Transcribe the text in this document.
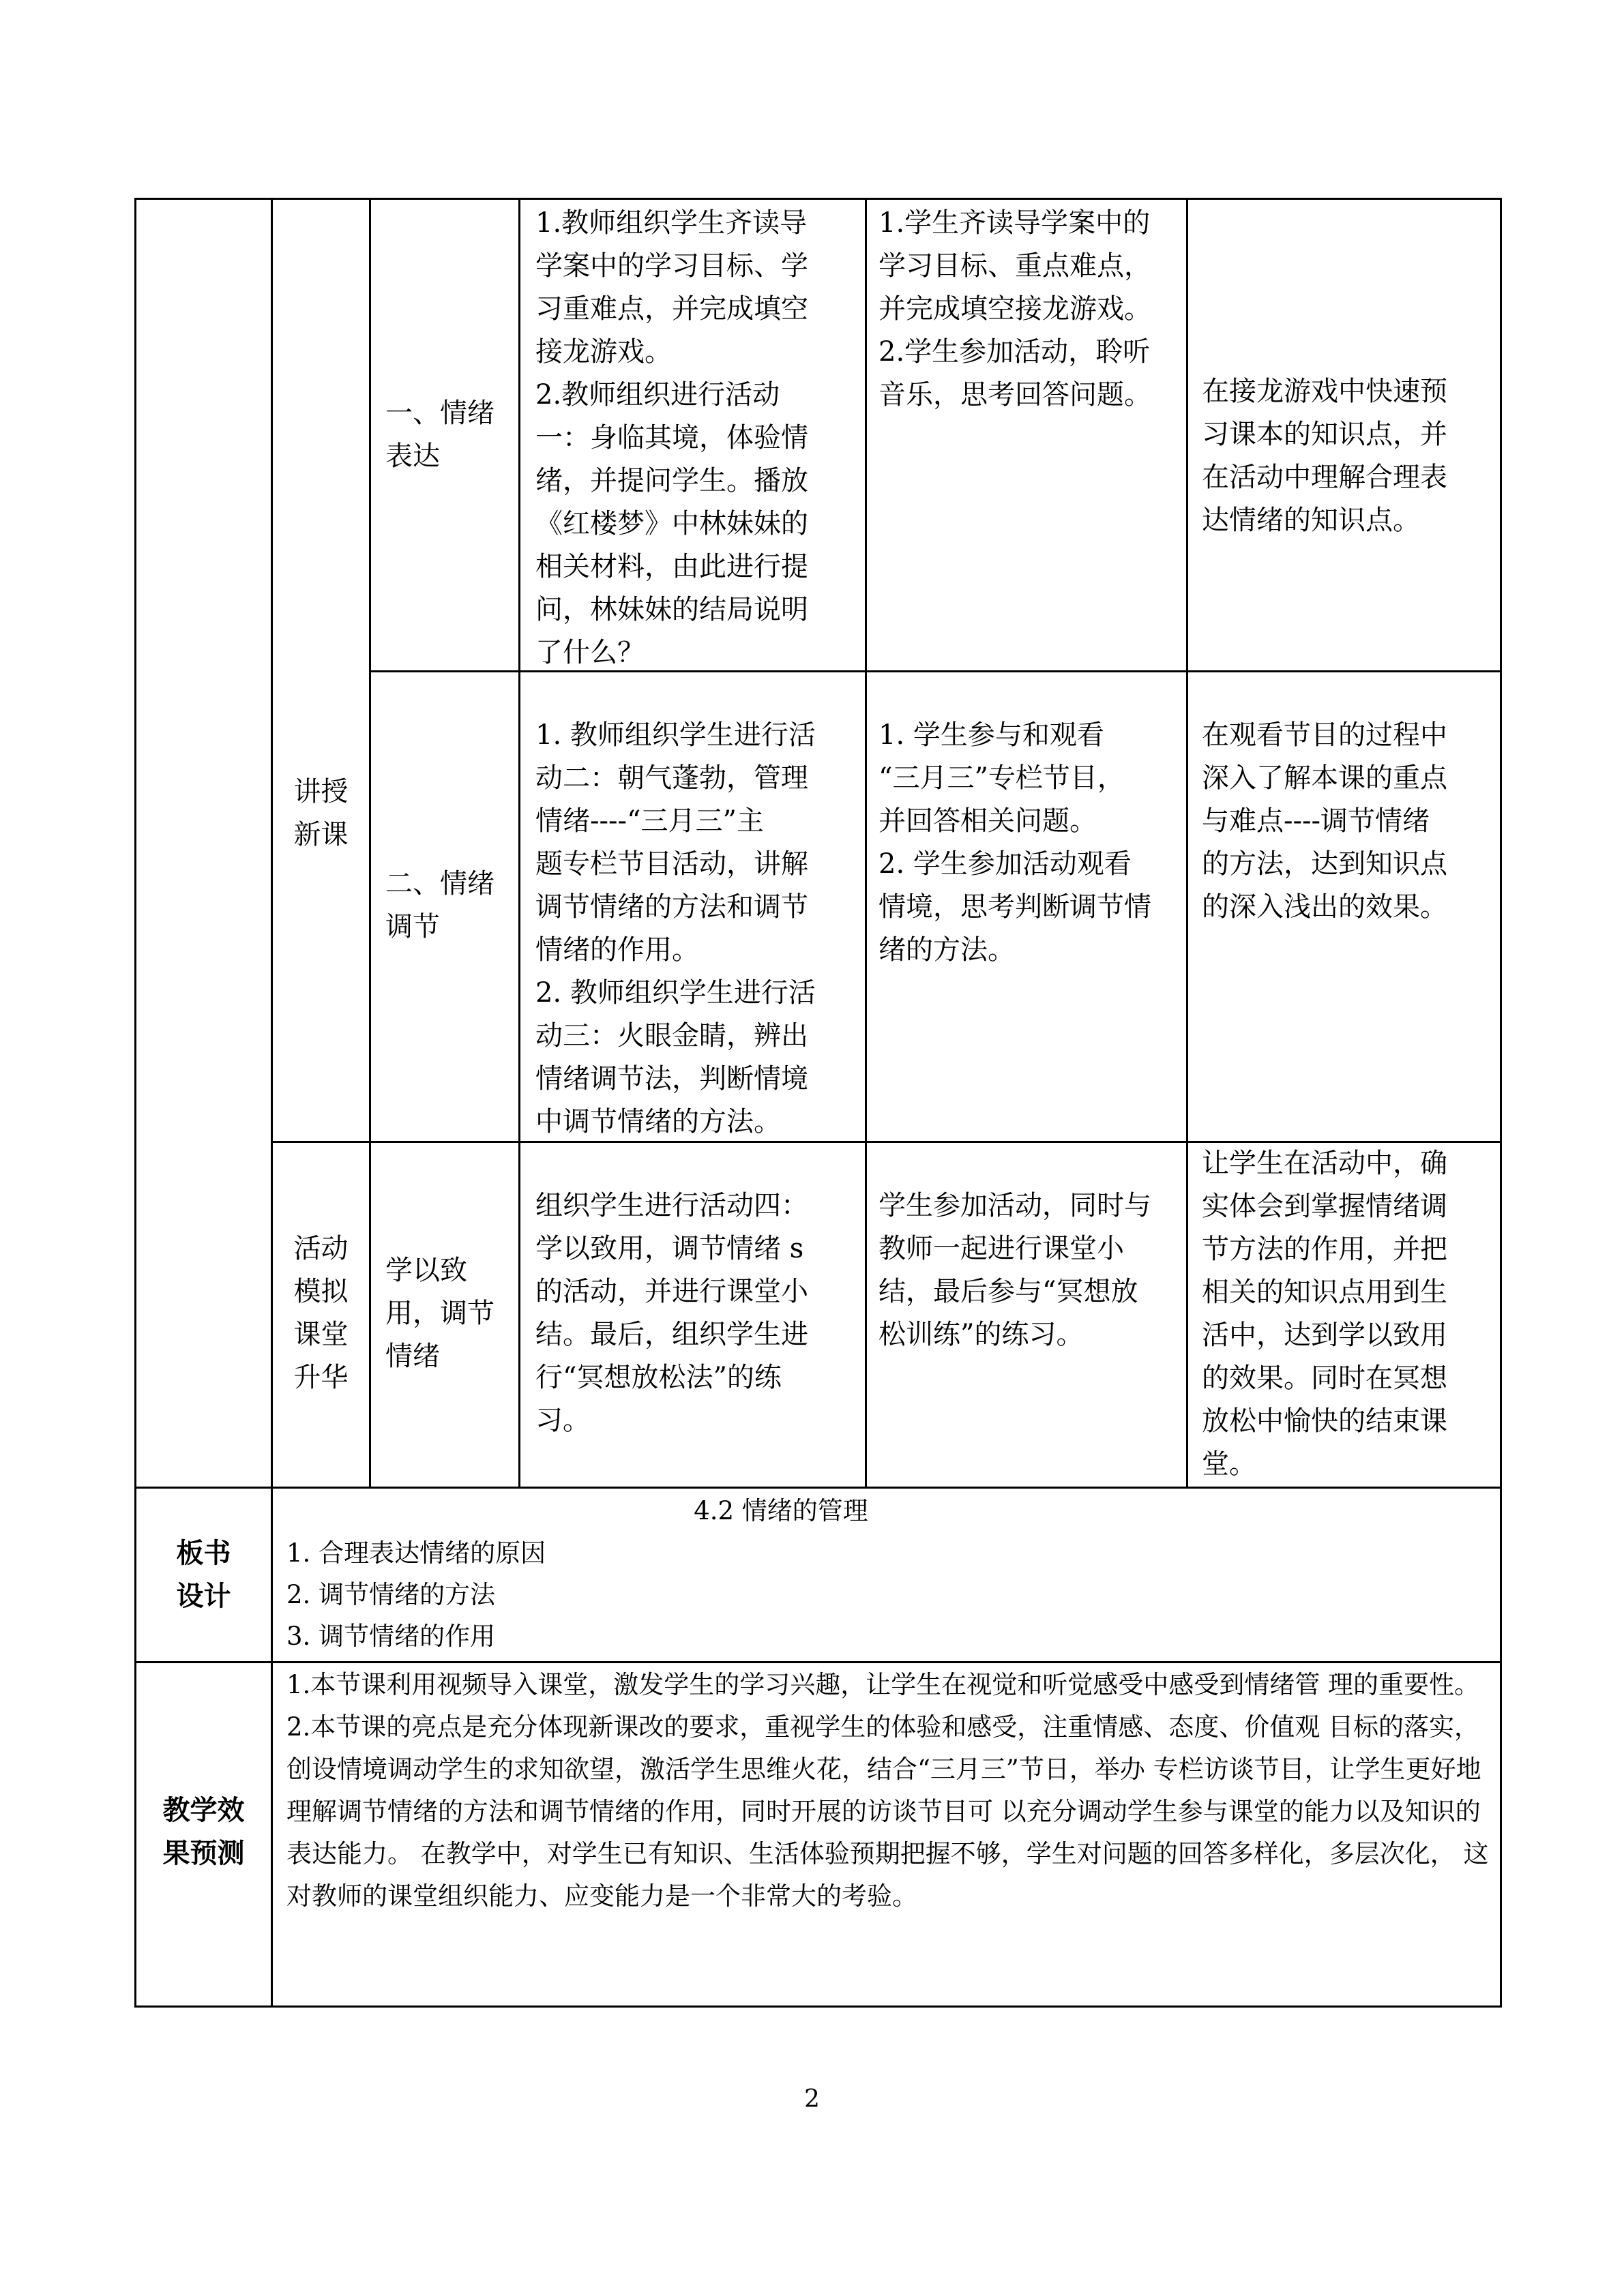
讲授
新课
一、情绪
表达
1.教师组织学生齐读导
学案中的学习目标、学
习重难点，并完成填空
接龙游戏。
2.教师组织进行活动
一：身临其境，体验情
绪，并提问学生。播放
《红楼梦》中林妹妹的
相关材料，由此进行提
问，林妹妹的结局说明
了什么？
1.学生齐读导学案中的
学习目标、重点难点，
并完成填空接龙游戏。
2.学生参加活动，聆听
音乐，思考回答问题。	在接龙游戏中快速预
习课本的知识点，并
在活动中理解合理表
达情绪的知识点。
二、情绪
调节
1. 教师组织学生进行活
动二：朝气蓬勃，管理
情绪----“三月三”主
题专栏节目活动，讲解
调节情绪的方法和调节
情绪的作用。
2. 教师组织学生进行活
动三：火眼金睛，辨出
情绪调节法，判断情境
中调节情绪的方法。
1. 学生参与和观看
“三月三”专栏节目，
并回答相关问题。
2. 学生参加活动观看
情境，思考判断调节情
绪的方法。
在观看节目的过程中
深入了解本课的重点
与难点----调节情绪
的方法，达到知识点
的深入浅出的效果。
活动
模拟
课堂
升华
学以致
用，调节
情绪
组织学生进行活动四：
学以致用，调节情绪 s
的活动，并进行课堂小
结。最后，组织学生进
行“冥想放松法”的练
习。
学生参加活动，同时与
教师一起进行课堂小
结，最后参与“冥想放
松训练”的练习。
让学生在活动中，确
实体会到掌握情绪调
节方法的作用，并把
相关的知识点用到生
活中，达到学以致用
的效果。同时在冥想
放松中愉快的结束课
堂。
板书
设计
4.2 情绪的管理
1. 合理表达情绪的原因
2. 调节情绪的方法
3. 调节情绪的作用
教学效
果预测
1.本节课利用视频导入课堂，激发学生的学习兴趣，让学生在视觉和听觉感受中感受到情绪管 理的重要性。 2.本节课的亮点是充分体现新课改的要求，重视学生的体验和感受，注重情感、态度、价值观 目标的落实，创设情境调动学生的求知欲望，激活学生思维火花，结合“三月三”节日，举办 专栏访谈节目，让学生更好地理解调节情绪的方法和调节情绪的作用，同时开展的访谈节目可 以充分调动学生参与课堂的能力以及知识的表达能力。 在教学中，对学生已有知识、生活体验预期把握不够，学生对问题的回答多样化，多层次化， 这对教师的课堂组织能力、应变能力是一个非常大的考验。
2
